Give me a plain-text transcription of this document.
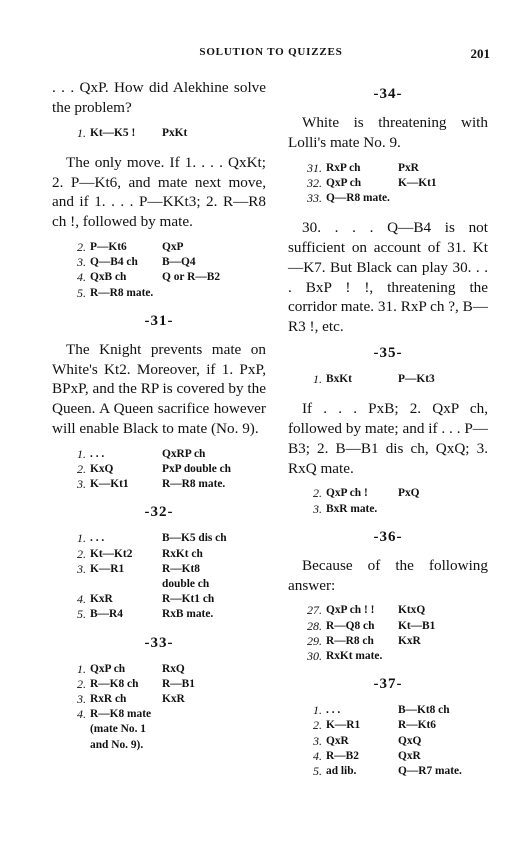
SOLUTION TO QUIZZES	201

. . . QxP. How did Alekhine solve the problem?

1.	Kt—K5 !	PxKt

The only move. If 1. . . . QxKt; 2. P—Kt6, and mate next move, and if 1. . . . P—KKt3; 2. R—R8 ch !, followed by mate.

2.	P—Kt6	QxP
3.	Q—B4 ch	B—Q4
4.	QxB ch	Q or R—B2
5.	R—R8 mate.	
-31-

The Knight prevents mate on White's Kt2. Moreover, if 1. PxP, BPxP, and the RP is covered by the Queen. A Queen sacrifice however will enable Black to mate (No. 9).

1.	. . .	QxRP ch
2.	KxQ	PxP double ch
3.	K—Kt1	R—R8 mate.
-32-
1.	. . .	B—K5 dis ch
2.	Kt—Kt2	RxKt ch
3.	K—R1	R—Kt8
		double ch
4.	KxR	R—Kt1 ch
5.	B—R4	RxB mate.
-33-
1.	QxP ch	RxQ
2.	R—K8 ch	R—B1
3.	RxR ch	KxR
4.	R—K8 mate (mate No. 1	
	and No. 9).	
-34-

White is threatening with Lolli's mate No. 9.

31.	RxP ch	PxR
32.	QxP ch	K—Kt1
33.	Q—R8 mate.	

30. . . . Q—B4 is not sufficient on account of 31. Kt—K7. But Black can play 30. . . . BxP ! !, threatening the corridor mate. 31. RxP ch ?, B—R3 !, etc.

-35-
1.	BxKt	P—Kt3

If . . . PxB; 2. QxP ch, followed by mate; and if . . . P—B3; 2. B—B1 dis ch, QxQ; 3. RxQ mate.

2.	QxP ch !	PxQ
3.	BxR mate.	
-36-

Because of the following answer:

27.	QxP ch ! !	KtxQ
28.	R—Q8 ch	Kt—B1
29.	R—R8 ch	KxR
30.	RxKt mate.	
-37-
1.	. . .	B—Kt8 ch
2.	K—R1	R—Kt6
3.	QxR	QxQ
4.	R—B2	QxR
5.	ad lib.	Q—R7 mate.
